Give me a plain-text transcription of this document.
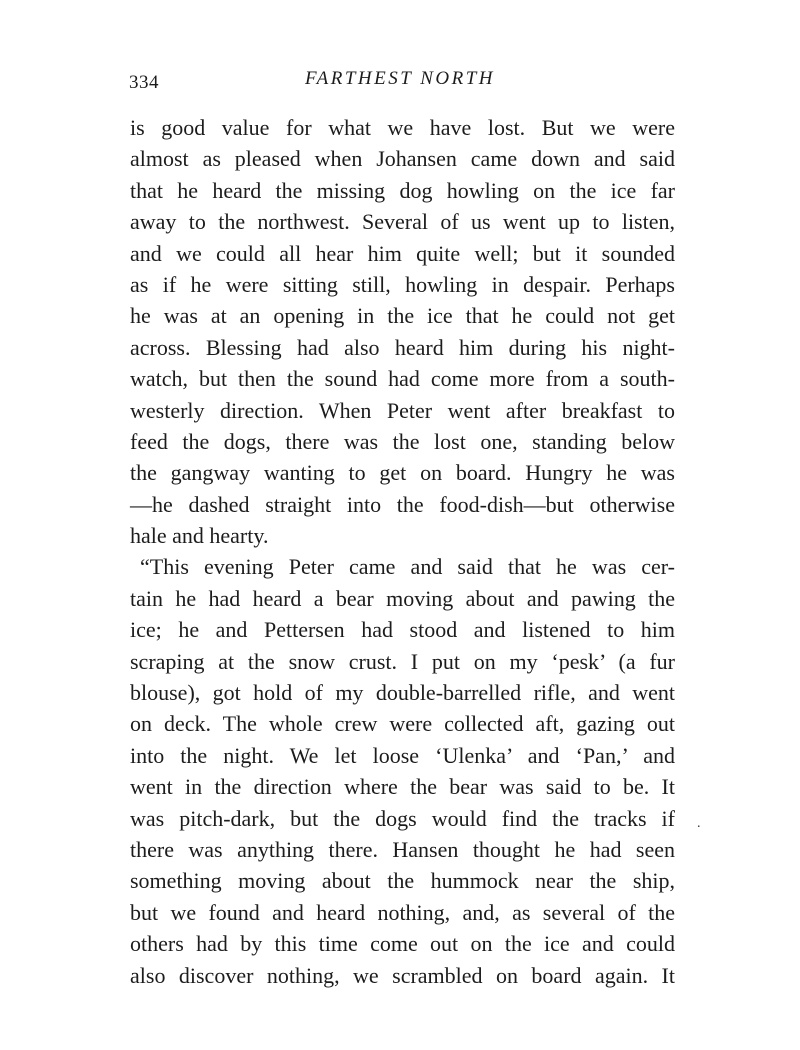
334	FARTHEST NORTH
is good value for what we have lost. But we were
almost as pleased when Johansen came down and said
that he heard the missing dog howling on the ice far
away to the northwest. Several of us went up to listen,
and we could all hear him quite well; but it sounded
as if he were sitting still, howling in despair. Perhaps
he was at an opening in the ice that he could not get
across. Blessing had also heard him during his night-
watch, but then the sound had come more from a south-
westerly direction. When Peter went after breakfast to
feed the dogs, there was the lost one, standing below
the gangway wanting to get on board. Hungry he was
—he dashed straight into the food-dish—but otherwise
hale and hearty.
“This evening Peter came and said that he was cer-
tain he had heard a bear moving about and pawing the
ice; he and Pettersen had stood and listened to him
scraping at the snow crust. I put on my ‘pesk’ (a fur
blouse), got hold of my double-barrelled rifle, and went
on deck. The whole crew were collected aft, gazing out
into the night. We let loose ‘Ulenka’ and ‘Pan,’ and
went in the direction where the bear was said to be. It
was pitch-dark, but the dogs would find the tracks if
there was anything there. Hansen thought he had seen
something moving about the hummock near the ship,
but we found and heard nothing, and, as several of the
others had by this time come out on the ice and could
also discover nothing, we scrambled on board again. It
.
